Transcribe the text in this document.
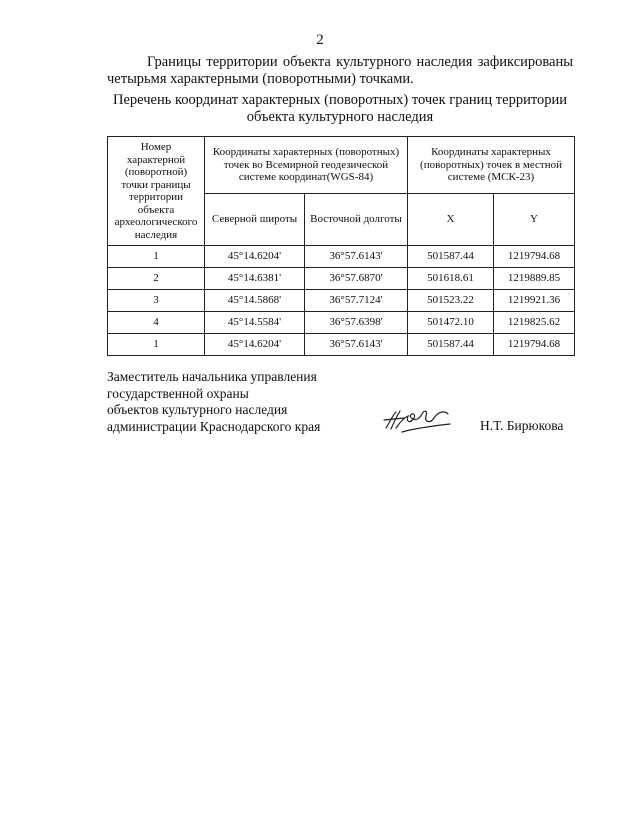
2
Границы территории объекта культурного наследия зафиксированы четырьмя характерными (поворотными) точками.
Перечень координат характерных (поворотных) точек границ территории объекта культурного наследия
Номер характерной (поворотной) точки границы территории объекта археологического наследия	Координаты характерных (поворотных) точек во Всемирной геодезической системе координат(WGS-84)		Координаты характерных (поворотных) точек в местной системе (МСК-23)	
	Северной широты	Восточной долготы	X	Y
1	45°14.6204'	36°57.6143'	501587.44	1219794.68
2	45°14.6381'	36°57.6870'	501618.61	1219889.85
3	45°14.5868'	36°57.7124'	501523.22	1219921.36
4	45°14.5584'	36°57.6398'	501472.10	1219825.62
1	45°14.6204'	36°57.6143'	501587.44	1219794.68
Заместитель начальника управления
государственной охраны
объектов культурного наследия
администрации Краснодарского края	Н.Т. Бирюкова
